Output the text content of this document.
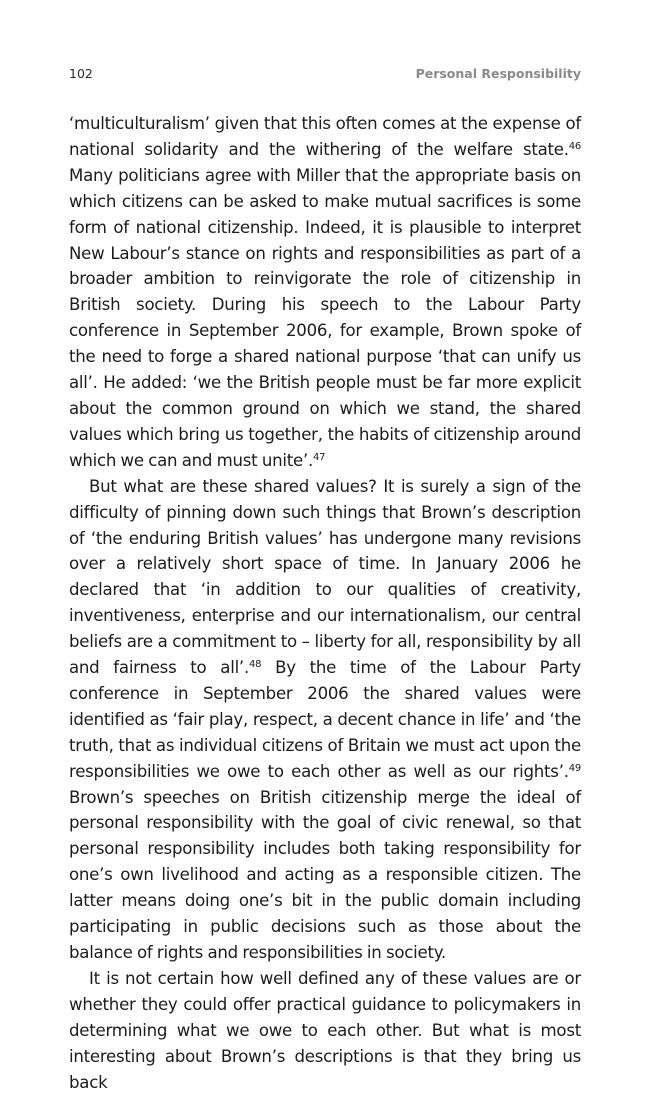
102	Personal Responsibility

‘multiculturalism’ given that this often comes at the expense of national solidarity and the withering of the welfare state.$^{46}$ Many politicians agree with Miller that the appropriate basis on which citizens can be asked to make mutual sacrifices is some form of national citizenship. Indeed, it is plausible to interpret New Labour’s stance on rights and responsibilities as part of a broader ambition to reinvigorate the role of citizenship in British society. During his speech to the Labour Party conference in September 2006, for example, Brown spoke of the need to forge a shared national purpose ‘that can unify us all’. He added: ‘we the British people must be far more explicit about the common ground on which we stand, the shared values which bring us together, the habits of citizenship around which we can and must unite’.$^{47}$

But what are these shared values? It is surely a sign of the difficulty of pinning down such things that Brown’s description of ‘the enduring British values’ has undergone many revisions over a relatively short space of time. In January 2006 he declared that ‘in addition to our qualities of creativity, inventiveness, enterprise and our internationalism, our central beliefs are a commitment to – liberty for all, responsibility by all and fairness to all’.$^{48}$ By the time of the Labour Party conference in September 2006 the shared values were identified as ‘fair play, respect, a decent chance in life’ and ‘the truth, that as individual citizens of Britain we must act upon the responsibilities we owe to each other as well as our rights’.$^{49}$ Brown’s speeches on British citizenship merge the ideal of personal responsibility with the goal of civic renewal, so that personal responsibility includes both taking responsibility for one’s own livelihood and acting as a responsible citizen. The latter means doing one’s bit in the public domain including participating in public decisions such as those about the balance of rights and responsibilities in society.

It is not certain how well defined any of these values are or whether they could offer practical guidance to policymakers in determining what we owe to each other. But what is most interesting about Brown’s descriptions is that they bring us back
